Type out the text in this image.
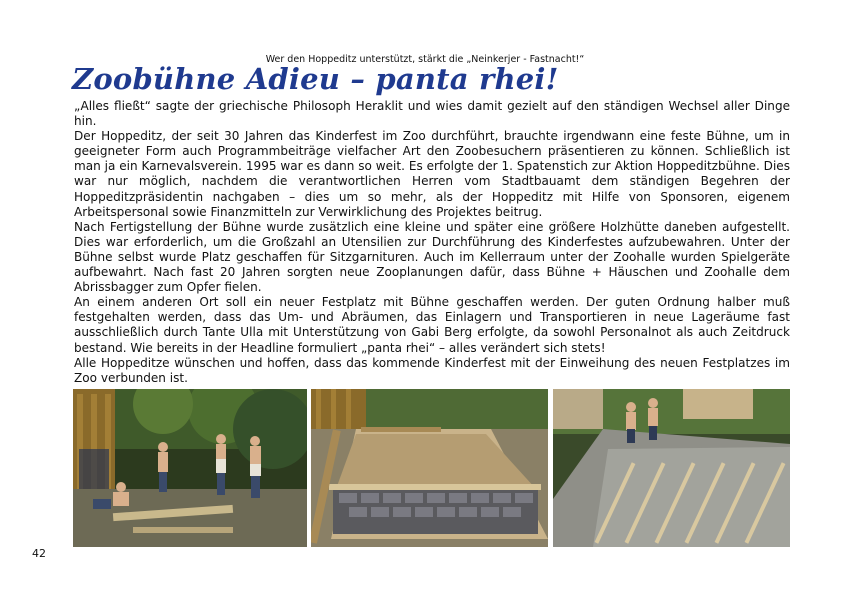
Wer den Hoppeditz unterstützt, stärkt die „Neinkerjer - Fastnacht!“
Zoobühne Adieu – panta rhei!

„Alles fließt“ sagte der griechische Philosoph Heraklit und wies damit gezielt auf den ständigen Wechsel aller Dinge hin.

Der Hoppeditz, der seit 30 Jahren das Kinderfest im Zoo durchführt, brauchte irgendwann eine feste Bühne, um in geeigneter Form auch Programmbeiträge vielfacher Art den Zoobesuchern präsentieren zu können. Schließlich ist man ja ein Karnevalsverein. 1995 war es dann so weit. Es erfolgte der 1. Spatenstich zur Aktion Hoppeditzbühne. Dies war nur möglich, nachdem die verantwortlichen Herren vom Stadtbauamt dem ständigen Begehren der Hoppeditzpräsidentin nachgaben – dies um so mehr, als der Hoppeditz mit Hilfe von Sponsoren, eigenem Arbeitspersonal sowie Finanzmitteln zur Verwirklichung des Projektes beitrug.

Nach Fertigstellung der Bühne wurde zusätzlich eine kleine und später eine größere Holzhütte daneben aufgestellt. Dies war erforderlich, um die Großzahl an Utensilien zur Durchführung des Kinderfestes aufzubewahren. Unter der Bühne selbst wurde Platz geschaffen für Sitzgarnituren. Auch im Kellerraum unter der Zoohalle wurden Spielgeräte aufbewahrt. Nach fast 20 Jahren sorgten neue Zooplanungen dafür, dass Bühne + Häuschen und Zoohalle dem Abrissbagger zum Opfer fielen.

An einem anderen Ort soll ein neuer Festplatz mit Bühne geschaffen werden. Der guten Ordnung halber muß festgehalten werden, dass das Um- und Abräumen, das Einlagern und Transportieren in neue Lageräume fast ausschließlich durch Tante Ulla mit Unterstützung von Gabi Berg erfolgte, da sowohl Personalnot als auch Zeitdruck bestand. Wie bereits in der Headline formuliert „panta rhei“ – alles verändert sich stets!

Alle Hoppeditze wünschen und hoffen, dass das kommende Kinderfest mit der Einweihung des neuen Festplatzes im Zoo verbunden ist.

42
